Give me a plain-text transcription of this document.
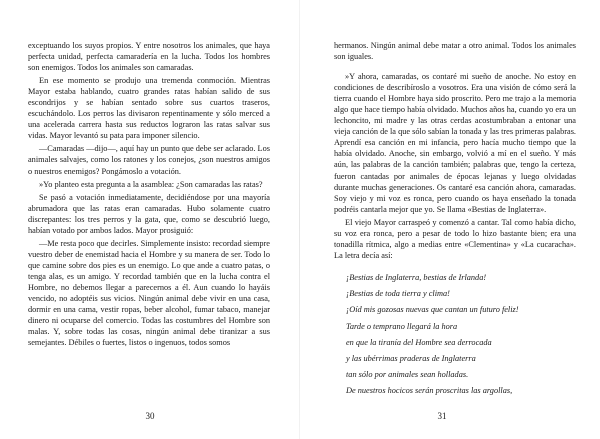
exceptuando los suyos propios. Y entre nosotros los animales, que haya perfecta unidad, perfecta camaradería en la lucha. Todos los hombres son enemigos. Todos los animales son camaradas.

En ese momento se produjo una tremenda conmoción. Mientras Mayor estaba hablando, cuatro grandes ratas habían salido de sus escondrijos y se habían sentado sobre sus cuartos traseros, escuchándolo. Los perros las divisaron repentinamente y sólo merced a una acelerada carrera hasta sus reductos lograron las ratas salvar sus vidas. Mayor levantó su pata para imponer silencio.

—Camaradas —dijo—, aquí hay un punto que debe ser aclarado. Los animales salvajes, como los ratones y los conejos, ¿son nuestros amigos o nuestros enemigos? Pongámoslo a votación.

»Yo planteo esta pregunta a la asamblea: ¿Son camaradas las ratas?

Se pasó a votación inmediatamente, decidiéndose por una mayoría abrumadora que las ratas eran camaradas. Hubo solamente cuatro discrepantes: los tres perros y la gata, que, como se descubrió luego, habían votado por ambos lados. Mayor prosiguió:

—Me resta poco que decirles. Simplemente insisto: recordad siempre vuestro deber de enemistad hacia el Hombre y su manera de ser. Todo lo que camine sobre dos pies es un enemigo. Lo que ande a cuatro patas, o tenga alas, es un amigo. Y recordad también que en la lucha contra el Hombre, no debemos llegar a parecernos a él. Aun cuando lo hayáis vencido, no adoptéis sus vicios. Ningún animal debe vivir en una casa, dormir en una cama, vestir ropas, beber alcohol, fumar tabaco, manejar dinero ni ocuparse del comercio. Todas las costumbres del Hombre son malas. Y, sobre todas las cosas, ningún animal debe tiranizar a sus semejantes. Débiles o fuertes, listos o ingenuos, todos somos

30

hermanos. Ningún animal debe matar a otro animal. Todos los animales son iguales.

»Y ahora, camaradas, os contaré mi sueño de anoche. No estoy en condiciones de describíroslo a vosotros. Era una visión de cómo será la tierra cuando el Hombre haya sido proscrito. Pero me trajo a la memoria algo que hace tiempo había olvidado. Muchos años ha, cuando yo era un lechoncito, mi madre y las otras cerdas acostumbraban a entonar una vieja canción de la que sólo sabían la tonada y las tres primeras palabras. Aprendí esa canción en mi infancia, pero hacía mucho tiempo que la había olvidado. Anoche, sin embargo, volvió a mí en el sueño. Y más aún, las palabras de la canción también; palabras que, tengo la certeza, fueron cantadas por animales de épocas lejanas y luego olvidadas durante muchas generaciones. Os cantaré esa canción ahora, camaradas. Soy viejo y mi voz es ronca, pero cuando os haya enseñado la tonada podréis cantarla mejor que yo. Se llama «Bestias de Inglaterra».

El viejo Mayor carraspeó y comenzó a cantar. Tal como había dicho, su voz era ronca, pero a pesar de todo lo hizo bastante bien; era una tonadilla rítmica, algo a medias entre «Clementina» y «La cucaracha». La letra decía así:

¡Bestias de Inglaterra, bestias de Irlanda!
¡Bestias de toda tierra y clima!
¡Oíd mis gozosas nuevas que cantan un futuro feliz!
Tarde o temprano llegará la hora
en que la tiranía del Hombre sea derrocada
y las ubérrimas praderas de Inglaterra
tan sólo por animales sean holladas.
De nuestros hocicos serán proscritas las argollas,
31
